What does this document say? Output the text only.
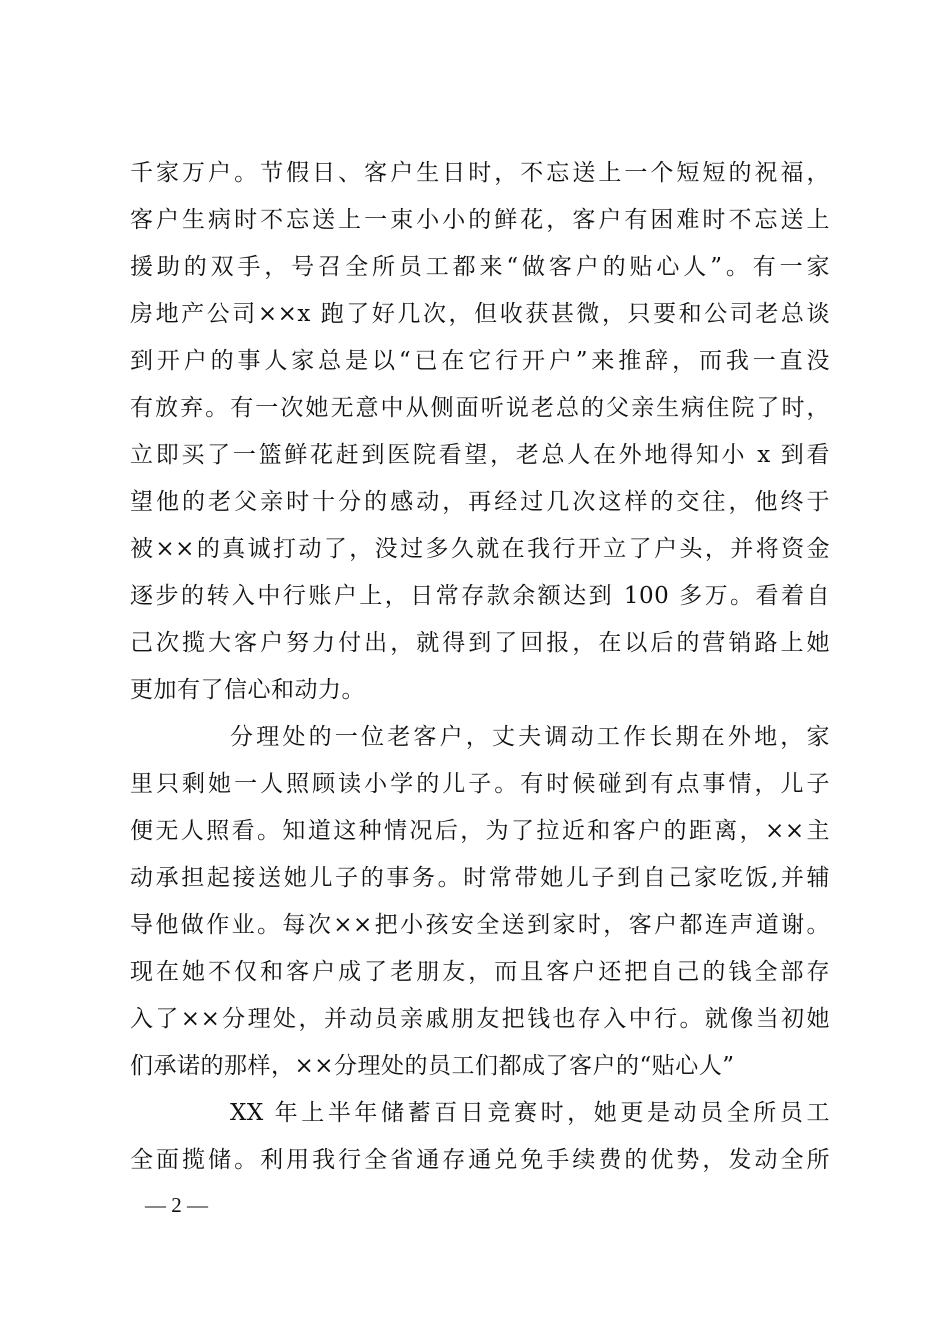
千家万户。节假日、客户生日时，不忘送上一个短短的祝福，
客户生病时不忘送上一束小小的鲜花，客户有困难时不忘送上
援助的双手，号召全所员工都来“做客户的贴心人”。有一家
房地产公司××x 跑了好几次，但收获甚微，只要和公司老总谈
到开户的事人家总是以“已在它行开户”来推辞，而我一直没
有放弃。有一次她无意中从侧面听说老总的父亲生病住院了时，
立即买了一篮鲜花赶到医院看望，老总人在外地得知小 x 到看
望他的老父亲时十分的感动，再经过几次这样的交往，他终于
被××的真诚打动了，没过多久就在我行开立了户头，并将资金
逐步的转入中行账户上，日常存款余额达到 100 多万。看着自
己次揽大客户努力付出，就得到了回报，在以后的营销路上她
更加有了信心和动力。
分理处的一位老客户，丈夫调动工作长期在外地，家
里只剩她一人照顾读小学的儿子。有时候碰到有点事情，儿子
便无人照看。知道这种情况后，为了拉近和客户的距离，××主
动承担起接送她儿子的事务。时常带她儿子到自己家吃饭,并辅
导他做作业。每次××把小孩安全送到家时，客户都连声道谢。
现在她不仅和客户成了老朋友，而且客户还把自己的钱全部存
入了××分理处，并动员亲戚朋友把钱也存入中行。就像当初她
们承诺的那样，××分理处的员工们都成了客户的“贴心人”
XX 年上半年储蓄百日竞赛时，她更是动员全所员工
全面揽储。利用我行全省通存通兑免手续费的优势，发动全所
— 2 —
